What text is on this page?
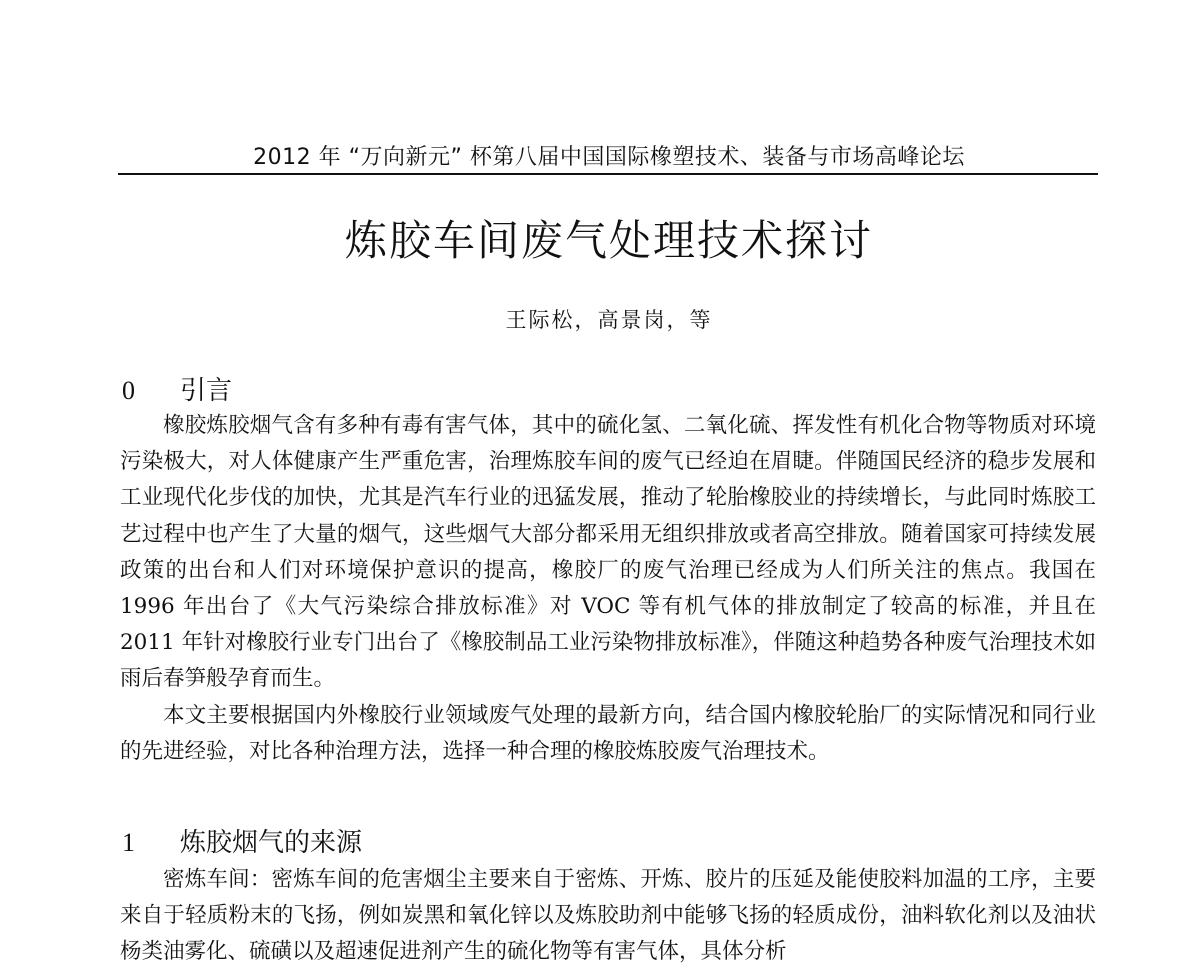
2012 年 “万向新元” 杯第八届中国国际橡塑技术、装备与市场高峰论坛
炼胶车间废气处理技术探讨
王际松，高景岗，等
0	引言

橡胶炼胶烟气含有多种有毒有害气体，其中的硫化氢、二氧化硫、挥发性有机化合物等物质对环境污染极大，对人体健康产生严重危害，治理炼胶车间的废气已经迫在眉睫。伴随国民经济的稳步发展和工业现代化步伐的加快，尤其是汽车行业的迅猛发展，推动了轮胎橡胶业的持续增长，与此同时炼胶工艺过程中也产生了大量的烟气，这些烟气大部分都采用无组织排放或者高空排放。随着国家可持续发展政策的出台和人们对环境保护意识的提高，橡胶厂的废气治理已经成为人们所关注的焦点。我国在 1996 年出台了《大气污染综合排放标准》对 VOC 等有机气体的排放制定了较高的标准，并且在 2011 年针对橡胶行业专门出台了《橡胶制品工业污染物排放标准》，伴随这种趋势各种废气治理技术如雨后春笋般孕育而生。

本文主要根据国内外橡胶行业领域废气处理的最新方向，结合国内橡胶轮胎厂的实际情况和同行业的先进经验，对比各种治理方法，选择一种合理的橡胶炼胶废气治理技术。

1	炼胶烟气的来源

密炼车间：密炼车间的危害烟尘主要来自于密炼、开炼、胶片的压延及能使胶料加温的工序，主要来自于轻质粉末的飞扬，例如炭黑和氧化锌以及炼胶助剂中能够飞扬的轻质成份，油料软化剂以及油状杨类油雾化、硫磺以及超速促进剂产生的硫化物等有害气体，具体分析
